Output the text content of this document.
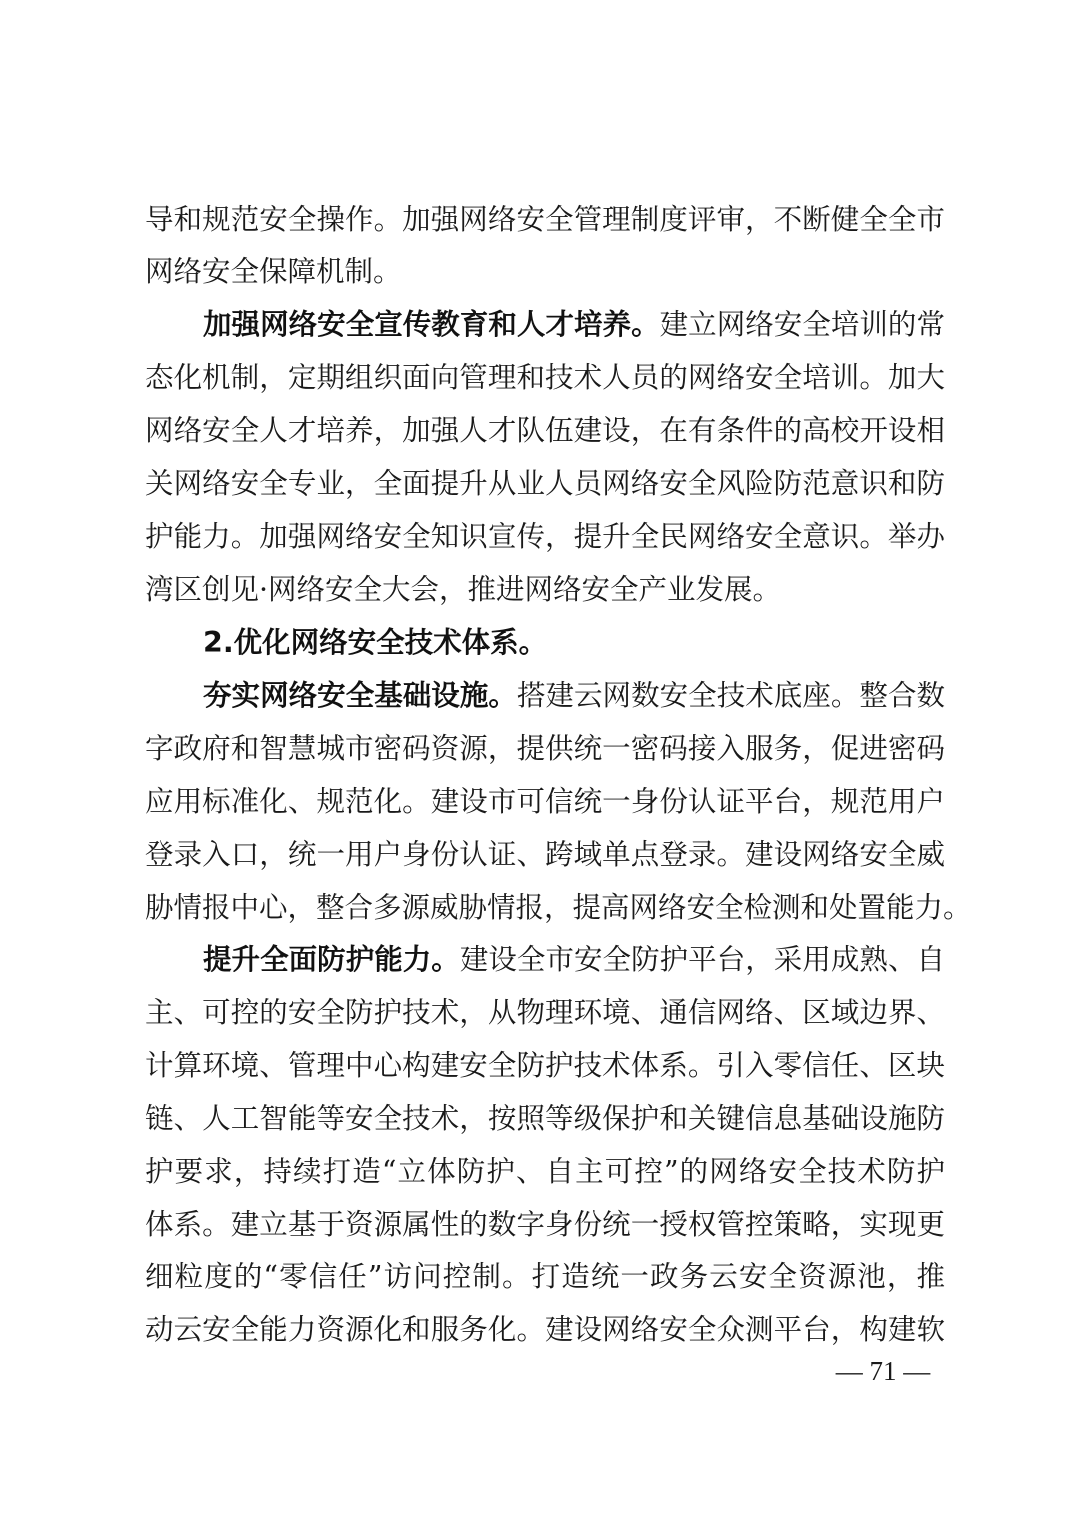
导和规范安全操作。加强网络安全管理制度评审，不断健全全市
网络安全保障机制。
加强网络安全宣传教育和人才培养。建立网络安全培训的常
态化机制，定期组织面向管理和技术人员的网络安全培训。加大
网络安全人才培养，加强人才队伍建设，在有条件的高校开设相
关网络安全专业，全面提升从业人员网络安全风险防范意识和防
护能力。加强网络安全知识宣传，提升全民网络安全意识。举办
湾区创见·网络安全大会，推进网络安全产业发展。
2.优化网络安全技术体系。
夯实网络安全基础设施。搭建云网数安全技术底座。整合数
字政府和智慧城市密码资源，提供统一密码接入服务，促进密码
应用标准化、规范化。建设市可信统一身份认证平台，规范用户
登录入口，统一用户身份认证、跨域单点登录。建设网络安全威
胁情报中心，整合多源威胁情报，提高网络安全检测和处置能力。
提升全面防护能力。建设全市安全防护平台，采用成熟、自
主、可控的安全防护技术，从物理环境、通信网络、区域边界、
计算环境、管理中心构建安全防护技术体系。引入零信任、区块
链、人工智能等安全技术，按照等级保护和关键信息基础设施防
护要求，持续打造“立体防护、自主可控”的网络安全技术防护
体系。建立基于资源属性的数字身份统一授权管控策略，实现更
细粒度的“零信任”访问控制。打造统一政务云安全资源池，推
动云安全能力资源化和服务化。建设网络安全众测平台，构建软
— 71 —
